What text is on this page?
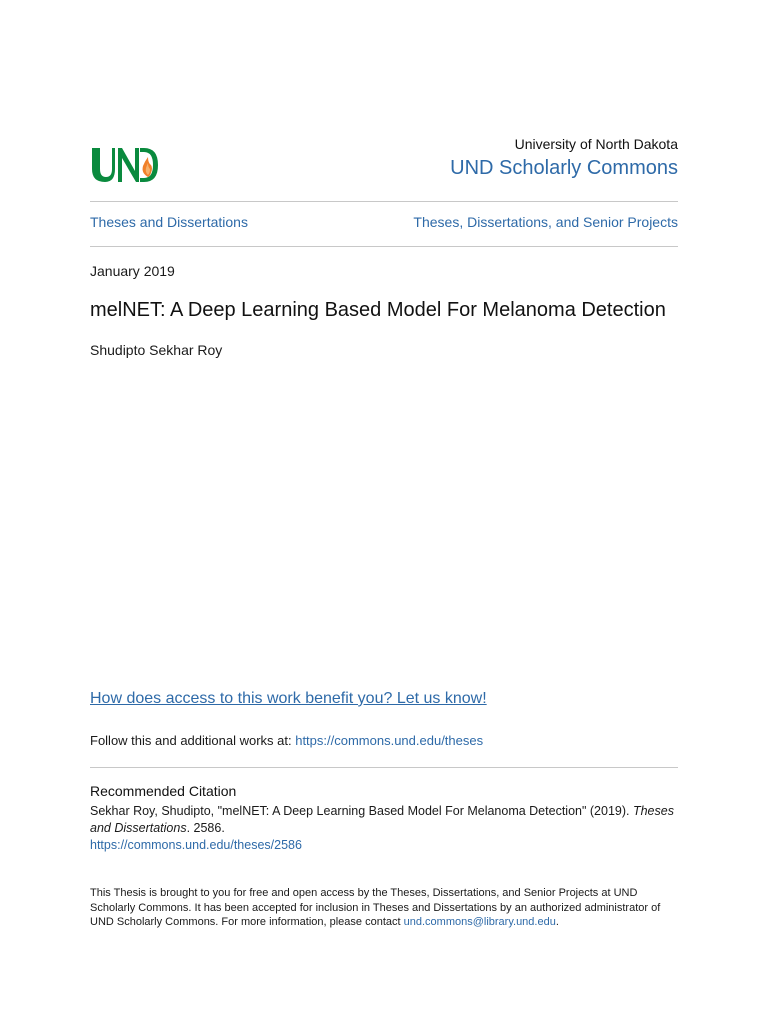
University of North Dakota
UND Scholarly Commons
Theses and Dissertations	Theses, Dissertations, and Senior Projects
January 2019
melNET: A Deep Learning Based Model For Melanoma Detection
Shudipto Sekhar Roy
How does access to this work benefit you? Let us know!
Follow this and additional works at: https://commons.und.edu/theses
Recommended Citation
Sekhar Roy, Shudipto, "melNET: A Deep Learning Based Model For Melanoma Detection" (2019). Theses and Dissertations. 2586.
https://commons.und.edu/theses/2586
This Thesis is brought to you for free and open access by the Theses, Dissertations, and Senior Projects at UND Scholarly Commons. It has been accepted for inclusion in Theses and Dissertations by an authorized administrator of UND Scholarly Commons. For more information, please contact und.commons@library.und.edu.
